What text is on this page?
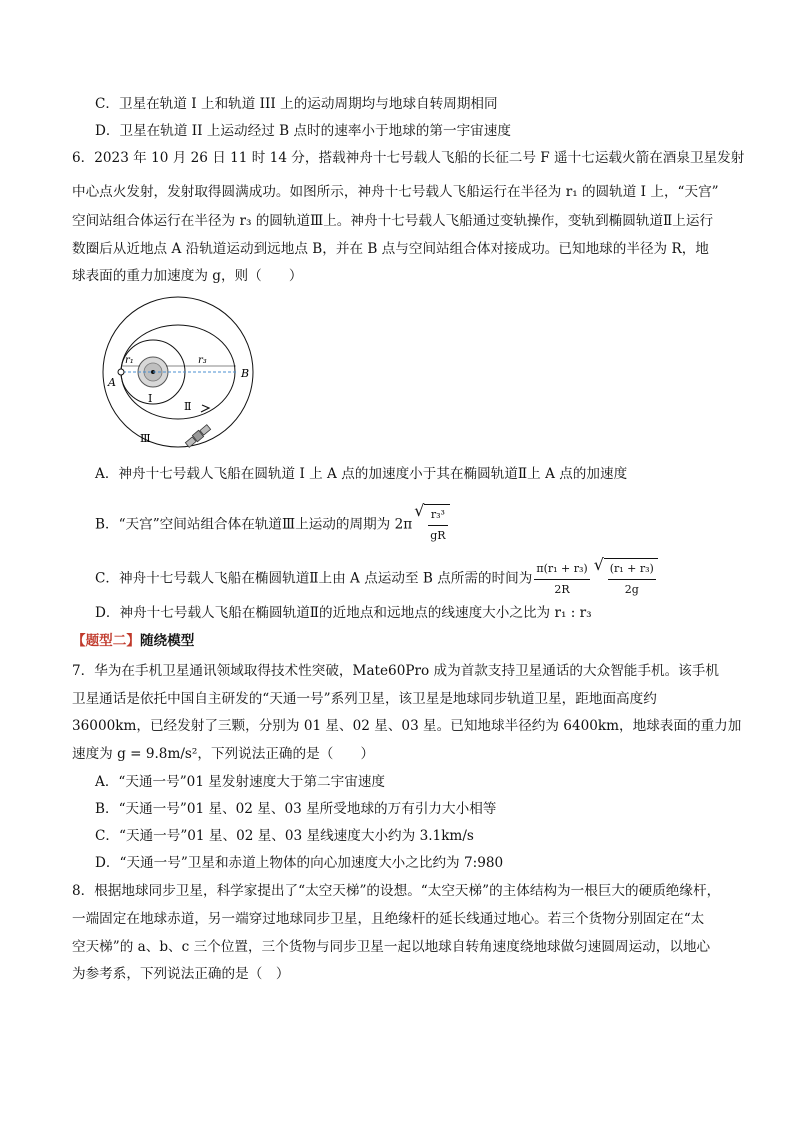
C．卫星在轨道 I 上和轨道 III 上的运动周期均与地球自转周期相同
D．卫星在轨道 II 上运动经过 B 点时的速率小于地球的第一宇宙速度
6．2023 年 10 月 26 日 11 时 14 分，搭载神舟十七号载人飞船的长征二号 F 遥十七运载火箭在酒泉卫星发射
中心点火发射，发射取得圆满成功。如图所示，神舟十七号载人飞船运行在半径为 r₁ 的圆轨道 Ⅰ 上，“天宫”
空间站组合体运行在半径为 r₃ 的圆轨道Ⅲ上。神舟十七号载人飞船通过变轨操作，变轨到椭圆轨道Ⅱ上运行
数圈后从近地点 A 沿轨道运动到远地点 B，并在 B 点与空间站组合体对接成功。已知地球的半径为 R，地
球表面的重力加速度为 g，则（　　）
A
B
r₁	r₃
Ⅰ
Ⅱ
Ⅲ
A．神舟十七号载人飞船在圆轨道 Ⅰ 上 A 点的加速度小于其在椭圆轨道Ⅱ上 A 点的加速度
B．“天宫”空间站组合体在轨道Ⅲ上运动的周期为 2π √ $\frac{\text{r₃³}}{gR}$
C．神舟十七号载人飞船在椭圆轨道Ⅱ上由 A 点运动至 B 点所需的时间为 $\frac{\text{π(r₁ + r₃)}}{2R}$ √ $\frac{\text{(r₁ + r₃)}}{2g}$
D．神舟十七号载人飞船在椭圆轨道Ⅱ的近地点和远地点的线速度大小之比为 r₁ : r₃
【题型二】随绕模型
7．华为在手机卫星通讯领域取得技术性突破，Mate60Pro 成为首款支持卫星通话的大众智能手机。该手机
卫星通话是依托中国自主研发的“天通一号”系列卫星，该卫星是地球同步轨道卫星，距地面高度约
36000km，已经发射了三颗，分别为 01 星、02 星、03 星。已知地球半径约为 6400km，地球表面的重力加
速度为 g = 9.8m/s²，下列说法正确的是（　　）
A．“天通一号”01 星发射速度大于第二宇宙速度
B．“天通一号”01 星、02 星、03 星所受地球的万有引力大小相等
C．“天通一号”01 星、02 星、03 星线速度大小约为 3.1km/s
D．“天通一号”卫星和赤道上物体的向心加速度大小之比约为 7:980
8．根据地球同步卫星，科学家提出了“太空天梯”的设想。“太空天梯”的主体结构为一根巨大的硬质绝缘杆，
一端固定在地球赤道，另一端穿过地球同步卫星，且绝缘杆的延长线通过地心。若三个货物分别固定在“太
空天梯”的 a、b、c 三个位置，三个货物与同步卫星一起以地球自转角速度绕地球做匀速圆周运动，以地心
为参考系，下列说法正确的是（　）
